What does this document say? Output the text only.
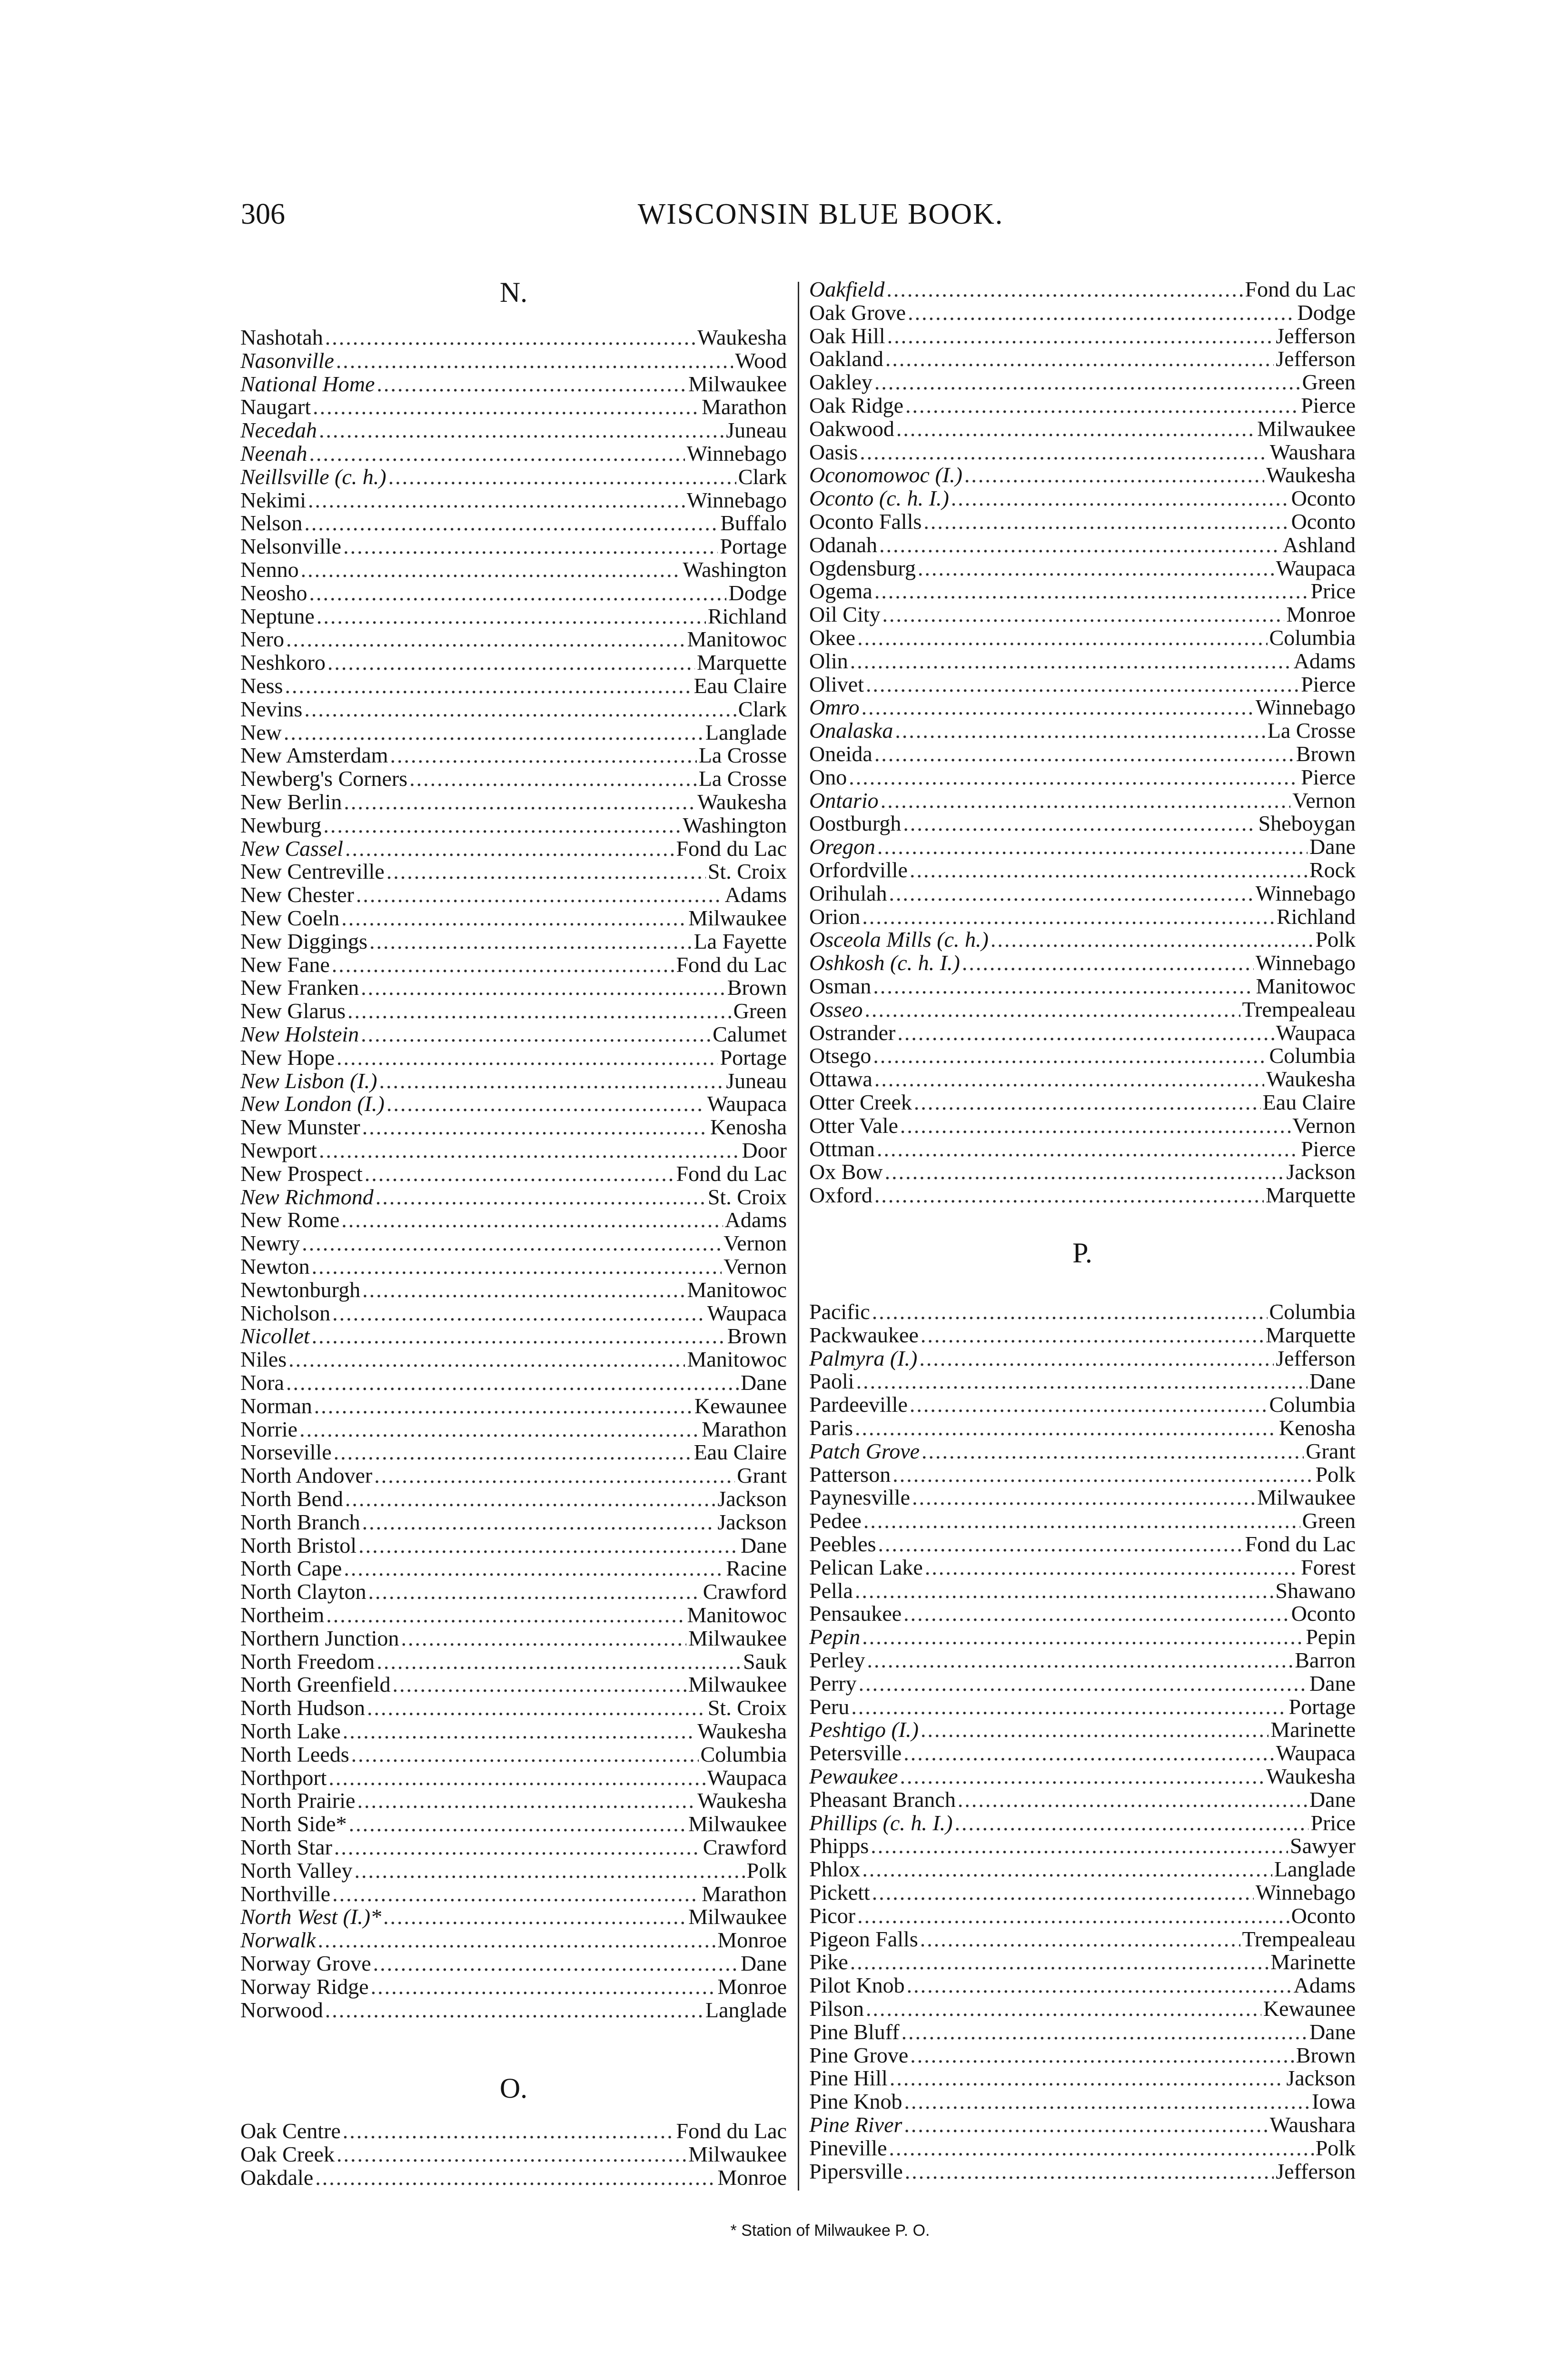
306	WISCONSIN BLUE BOOK.
N.
Nashotah .....	Waukesha
Nasonville .....	Wood
National Home .....	Milwaukee
Naugart .....	Marathon
Necedah .....	Juneau
Neenah .....	Winnebago
Neillsville (c. h.) .....	Clark
Nekimi .....	Winnebago
Nelson .....	Buffalo
Nelsonville .....	Portage
Nenno .....	Washington
Neosho .....	Dodge
Neptune .....	Richland
Nero .....	Manitowoc
Neshkoro .....	Marquette
Ness .....	Eau Claire
Nevins .....	Clark
New .....	Langlade
New Amsterdam .....	La Crosse
Newberg's Corners .....	La Crosse
New Berlin .....	Waukesha
Newburg .....	Washington
New Cassel .....	Fond du Lac
New Centreville .....	St. Croix
New Chester .....	Adams
New Coeln .....	Milwaukee
New Diggings .....	La Fayette
New Fane .....	Fond du Lac
New Franken .....	Brown
New Glarus .....	Green
New Holstein .....	Calumet
New Hope .....	Portage
New Lisbon (I.) .....	Juneau
New London (I.) .....	Waupaca
New Munster .....	Kenosha
Newport .....	Door
New Prospect .....	Fond du Lac
New Richmond .....	St. Croix
New Rome .....	Adams
Newry .....	Vernon
Newton .....	Vernon
Newtonburgh .....	Manitowoc
Nicholson .....	Waupaca
Nicollet .....	Brown
Niles .....	Manitowoc
Nora .....	Dane
Norman .....	Kewaunee
Norrie .....	Marathon
Norseville .....	Eau Claire
North Andover .....	Grant
North Bend .....	Jackson
North Branch .....	Jackson
North Bristol .....	Dane
North Cape .....	Racine
North Clayton .....	Crawford
Northeim .....	Manitowoc
Northern Junction .....	Milwaukee
North Freedom .....	Sauk
North Greenfield .....	Milwaukee
North Hudson .....	St. Croix
North Lake .....	Waukesha
North Leeds .....	Columbia
Northport .....	Waupaca
North Prairie .....	Waukesha
North Side* .....	Milwaukee
North Star .....	Crawford
North Valley .....	Polk
Northville .....	Marathon
North West (I.)* .....	Milwaukee
Norwalk .....	Monroe
Norway Grove .....	Dane
Norway Ridge .....	Monroe
Norwood .....	Langlade
O.
Oak Centre .....	Fond du Lac
Oak Creek .....	Milwaukee
Oakdale .....	Monroe
Oakfield .....	Fond du Lac
Oak Grove .....	Dodge
Oak Hill .....	Jefferson
Oakland .....	Jefferson
Oakley .....	Green
Oak Ridge .....	Pierce
Oakwood .....	Milwaukee
Oasis .....	Waushara
Oconomowoc (I.) .....	Waukesha
Oconto (c. h. I.) .....	Oconto
Oconto Falls .....	Oconto
Odanah .....	Ashland
Ogdensburg .....	Waupaca
Ogema .....	Price
Oil City .....	Monroe
Okee .....	Columbia
Olin .....	Adams
Olivet .....	Pierce
Omro .....	Winnebago
Onalaska .....	La Crosse
Oneida .....	Brown
Ono .....	Pierce
Ontario .....	Vernon
Oostburgh .....	Sheboygan
Oregon .....	Dane
Orfordville .....	Rock
Orihulah .....	Winnebago
Orion .....	Richland
Osceola Mills (c. h.) .....	Polk
Oshkosh (c. h. I.) .....	Winnebago
Osman .....	Manitowoc
Osseo .....	Trempealeau
Ostrander .....	Waupaca
Otsego .....	Columbia
Ottawa .....	Waukesha
Otter Creek .....	Eau Claire
Otter Vale .....	Vernon
Ottman .....	Pierce
Ox Bow .....	Jackson
Oxford .....	Marquette
P.
Pacific .....	Columbia
Packwaukee .....	Marquette
Palmyra (I.) .....	Jefferson
Paoli .....	Dane
Pardeeville .....	Columbia
Paris .....	Kenosha
Patch Grove .....	Grant
Patterson .....	Polk
Paynesville .....	Milwaukee
Pedee .....	Green
Peebles .....	Fond du Lac
Pelican Lake .....	Forest
Pella .....	Shawano
Pensaukee .....	Oconto
Pepin .....	Pepin
Perley .....	Barron
Perry .....	Dane
Peru .....	Portage
Peshtigo (I.) .....	Marinette
Petersville .....	Waupaca
Pewaukee .....	Waukesha
Pheasant Branch .....	Dane
Phillips (c. h. I.) .....	Price
Phipps .....	Sawyer
Phlox .....	Langlade
Pickett .....	Winnebago
Picor .....	Oconto
Pigeon Falls .....	Trempealeau
Pike .....	Marinette
Pilot Knob .....	Adams
Pilson .....	Kewaunee
Pine Bluff .....	Dane
Pine Grove .....	Brown
Pine Hill .....	Jackson
Pine Knob .....	Iowa
Pine River .....	Waushara
Pineville .....	Polk
Pipersville .....	Jefferson
* Station of Milwaukee P. O.
